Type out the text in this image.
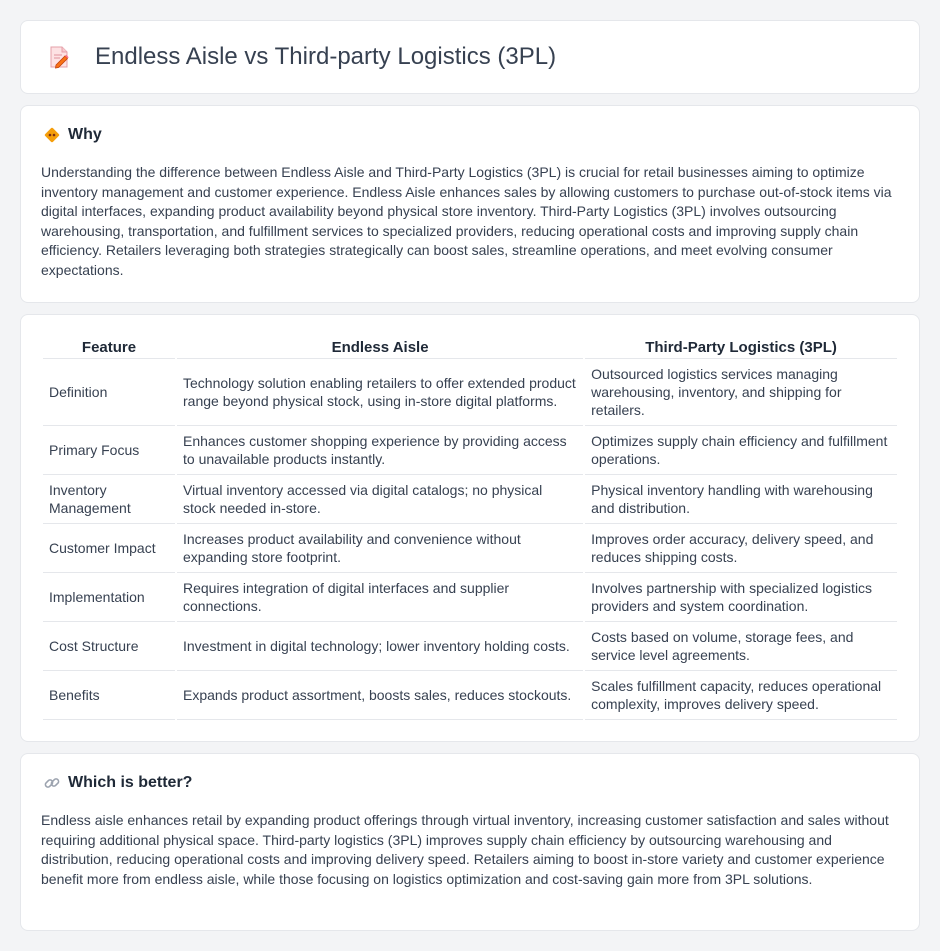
Endless Aisle vs Third-party Logistics (3PL)
Why

Understanding the difference between Endless Aisle and Third-Party Logistics (3PL) is crucial for retail businesses aiming to optimize inventory management and customer experience. Endless Aisle enhances sales by allowing customers to purchase out-of-stock items via digital interfaces, expanding product availability beyond physical store inventory. Third-Party Logistics (3PL) involves outsourcing warehousing, transportation, and fulfillment services to specialized providers, reducing operational costs and improving supply chain efficiency. Retailers leveraging both strategies strategically can boost sales, streamline operations, and meet evolving consumer expectations.

Feature	Endless Aisle	Third-Party Logistics (3PL)
Definition	Technology solution enabling retailers to offer extended product range beyond physical stock, using in-store digital platforms.	Outsourced logistics services managing warehousing, inventory, and shipping for retailers.
Primary Focus	Enhances customer shopping experience by providing access to unavailable products instantly.	Optimizes supply chain efficiency and fulfillment operations.
Inventory Management	Virtual inventory accessed via digital catalogs; no physical stock needed in-store.	Physical inventory handling with warehousing and distribution.
Customer Impact	Increases product availability and convenience without expanding store footprint.	Improves order accuracy, delivery speed, and reduces shipping costs.
Implementation	Requires integration of digital interfaces and supplier connections.	Involves partnership with specialized logistics providers and system coordination.
Cost Structure	Investment in digital technology; lower inventory holding costs.	Costs based on volume, storage fees, and service level agreements.
Benefits	Expands product assortment, boosts sales, reduces stockouts.	Scales fulfillment capacity, reduces operational complexity, improves delivery speed.
Which is better?

Endless aisle enhances retail by expanding product offerings through virtual inventory, increasing customer satisfaction and sales without requiring additional physical space. Third-party logistics (3PL) improves supply chain efficiency by outsourcing warehousing and distribution, reducing operational costs and improving delivery speed. Retailers aiming to boost in-store variety and customer experience benefit more from endless aisle, while those focusing on logistics optimization and cost-saving gain more from 3PL solutions.
